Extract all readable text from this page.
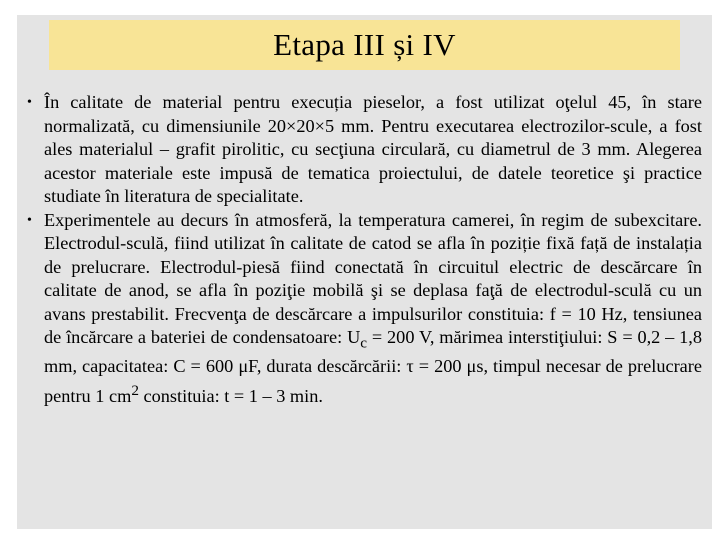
Etapa III și IV
• În calitate de material pentru execuția pieselor, a fost utilizat oţelul 45, în stare normalizată, cu dimensiunile 20×20×5 mm. Pentru executarea electrozilor-scule, a fost ales materialul – grafit pirolitic, cu secţiuna circulară, cu diametrul de 3 mm. Alegerea acestor materiale este impusă de tematica proiectului, de datele teoretice şi practice studiate în literatura de specialitate.
• Experimentele au decurs în atmosferă, la temperatura camerei, în regim de subexcitare. Electrodul-sculă, fiind utilizat în calitate de catod se afla în poziție fixă față de instalația de prelucrare. Electrodul-piesă fiind conectată în circuitul electric de descărcare în calitate de anod, se afla în poziţie mobilă şi se deplasa faţă de electrodul-sculă cu un avans prestabilit. Frecvenţa de descărcare a impulsurilor constituia: f = 10 Hz, tensiunea de încărcare a bateriei de condensatoare: $U_c = 200$ V, mărimea interstiţiului: S = 0,2 – 1,8 mm, capacitatea: C = 600 μF, durata descărcării: τ = 200 μs, timpul necesar de prelucrare pentru 1 $cm^2$ constituia: t = 1 – 3 min.
